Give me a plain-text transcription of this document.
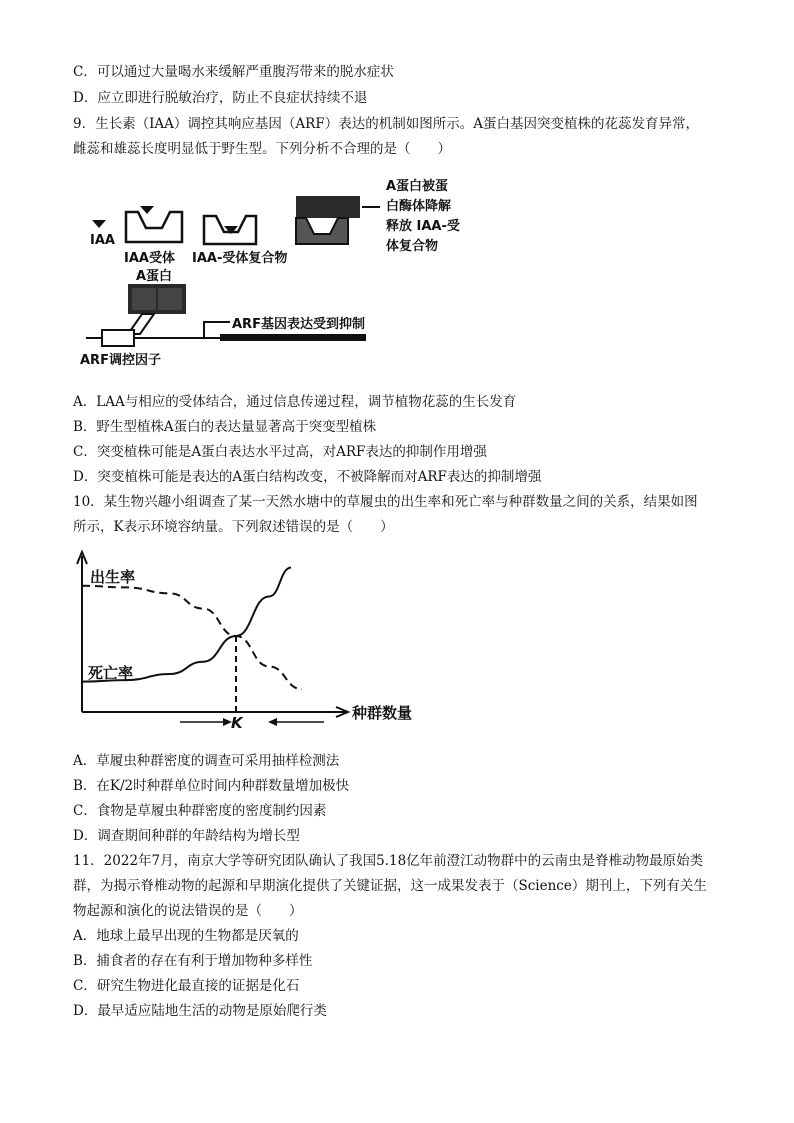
C．可以通过大量喝水来缓解严重腹泻带来的脱水症状
D．应立即进行脱敏治疗，防止不良症状持续不退
9．生长素（IAA）调控其响应基因（ARF）表达的机制如图所示。A蛋白基因突变植株的花蕊发育异常，
雌蕊和雄蕊长度明显低于野生型。下列分析不合理的是（　　）
IAA
IAA受体 IAA-受体复合物
A蛋白被蛋
白酶体降解
释放 IAA-受
体复合物
A蛋白
ARF基因表达受到抑制
ARF调控因子
A．LAA与相应的受体结合，通过信息传递过程，调节植物花蕊的生长发育
B．野生型植株A蛋白的表达量显著高于突变型植株
C．突变植株可能是A蛋白表达水平过高，对ARF表达的抑制作用增强
D．突变植株可能是表达的A蛋白结构改变，不被降解而对ARF表达的抑制增强
10．某生物兴趣小组调查了某一天然水塘中的草履虫的出生率和死亡率与种群数量之间的关系，结果如图
所示，K表示环境容纳量。下列叙述错误的是（　　）
出生率
死亡率
K
种群数量
A．草履虫种群密度的调查可采用抽样检测法
B．在K/2时种群单位时间内种群数量增加极快
C．食物是草履虫种群密度的密度制约因素
D．调查期间种群的年龄结构为增长型
11．2022年7月，南京大学等研究团队确认了我国5.18亿年前澄江动物群中的云南虫是脊椎动物最原始类
群，为揭示脊椎动物的起源和早期演化提供了关键证据，这一成果发表于（Science）期刊上，下列有关生
物起源和演化的说法错误的是（　　）
A．地球上最早出现的生物都是厌氧的
B．捕食者的存在有利于增加物种多样性
C．研究生物进化最直接的证据是化石
D．最早适应陆地生活的动物是原始爬行类
